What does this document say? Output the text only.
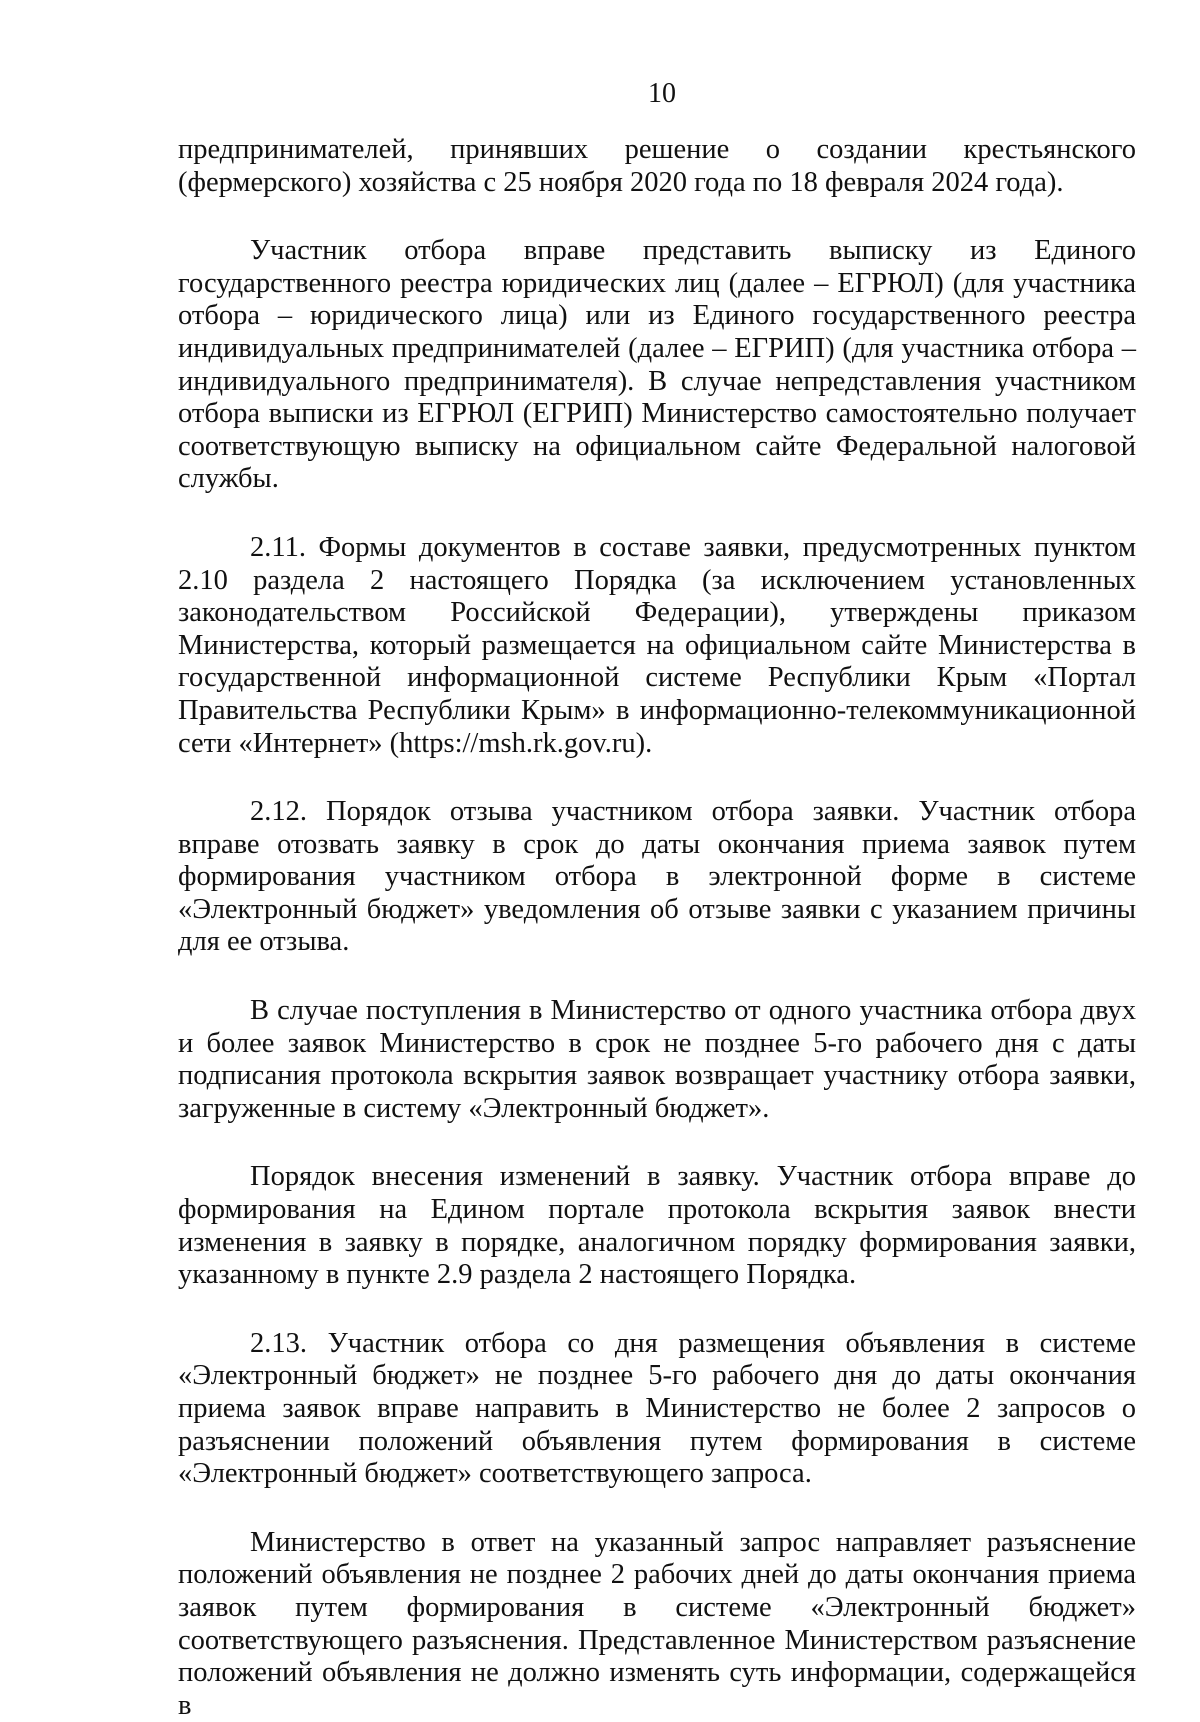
10

предпринимателей, принявших решение о создании крестьянского (фермерского) хозяйства с 25 ноября 2020 года по 18 февраля 2024 года).

Участник отбора вправе представить выписку из Единого государственного реестра юридических лиц (далее – ЕГРЮЛ) (для участника отбора – юридического лица) или из Единого государственного реестра индивидуальных предпринимателей (далее – ЕГРИП) (для участника отбора – индивидуального предпринимателя). В случае непредставления участником отбора выписки из ЕГРЮЛ (ЕГРИП) Министерство самостоятельно получает соответствующую выписку на официальном сайте Федеральной налоговой службы.

2.11. Формы документов в составе заявки, предусмотренных пунктом 2.10 раздела 2 настоящего Порядка (за исключением установленных законодательством Российской Федерации), утверждены приказом Министерства, который размещается на официальном сайте Министерства в государственной информационной системе Республики Крым «Портал Правительства Республики Крым» в информационно-телекоммуникационной сети «Интернет» (https://msh.rk.gov.ru).

2.12. Порядок отзыва участником отбора заявки. Участник отбора вправе отозвать заявку в срок до даты окончания приема заявок путем формирования участником отбора в электронной форме в системе «Электронный бюджет» уведомления об отзыве заявки с указанием причины для ее отзыва.

В случае поступления в Министерство от одного участника отбора двух и более заявок Министерство в срок не позднее 5-го рабочего дня с даты подписания протокола вскрытия заявок возвращает участнику отбора заявки, загруженные в систему «Электронный бюджет».

Порядок внесения изменений в заявку. Участник отбора вправе до формирования на Едином портале протокола вскрытия заявок внести изменения в заявку в порядке, аналогичном порядку формирования заявки, указанному в пункте 2.9 раздела 2 настоящего Порядка.

2.13. Участник отбора со дня размещения объявления в системе «Электронный бюджет» не позднее 5-го рабочего дня до даты окончания приема заявок вправе направить в Министерство не более 2 запросов о разъяснении положений объявления путем формирования в системе «Электронный бюджет» соответствующего запроса.

Министерство в ответ на указанный запрос направляет разъяснение положений объявления не позднее 2 рабочих дней до даты окончания приема заявок путем формирования в системе «Электронный бюджет» соответствующего разъяснения. Представленное Министерством разъяснение положений объявления не должно изменять суть информации, содержащейся в
